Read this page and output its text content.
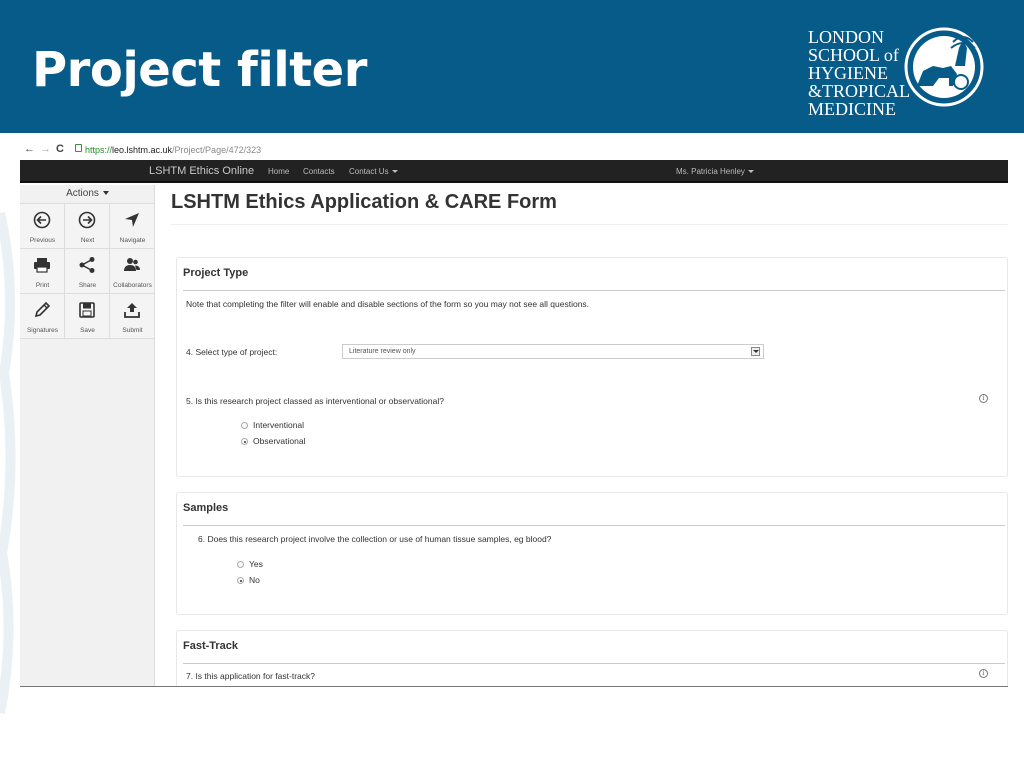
Project filter
LONDON
SCHOOL of
HYGIENE
&TROPICAL
MEDICINE
← → C https://leo.lshtm.ac.uk/Project/Page/472/323
LSHTM Ethics Online Home Contacts Contact Us	Ms. Patricia Henley
Actions
Previous	Next	Navigate
Print	Share	Collaborators
Signatures	Save	Submit
LSHTM Ethics Application & CARE Form
Project Type
Note that completing the filter will enable and disable sections of the form so you may not see all questions.
4. Select type of project:	Literature review only
5. Is this research project classed as interventional or observational?	i
Interventional
Observational
Samples
6. Does this research project involve the collection or use of human tissue samples, eg blood?
Yes
No
Fast-Track
7. Is this application for fast-track?	i
